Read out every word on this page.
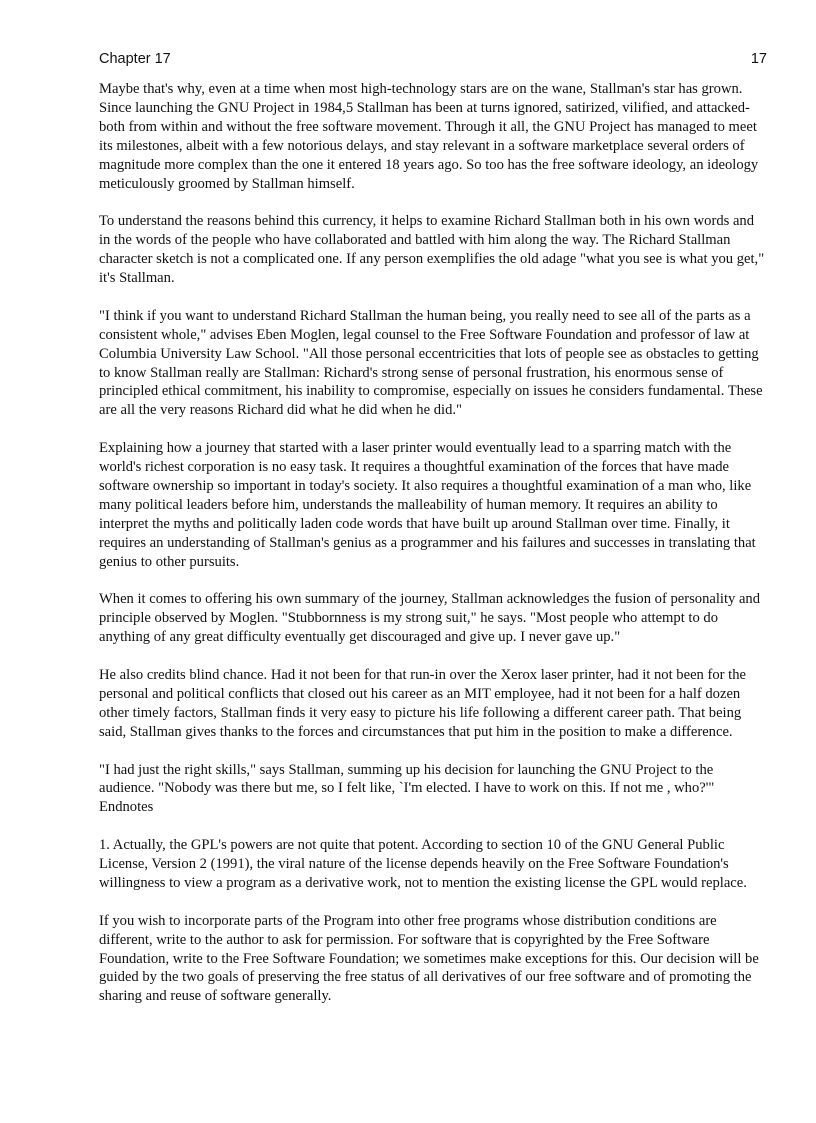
Chapter 17	17

Maybe that's why, even at a time when most high-technology stars are on the wane, Stallman's star has grown. Since launching the GNU Project in 1984,5 Stallman has been at turns ignored, satirized, vilified, and attacked-both from within and without the free software movement. Through it all, the GNU Project has managed to meet its milestones, albeit with a few notorious delays, and stay relevant in a software marketplace several orders of magnitude more complex than the one it entered 18 years ago. So too has the free software ideology, an ideology meticulously groomed by Stallman himself.

To understand the reasons behind this currency, it helps to examine Richard Stallman both in his own words and in the words of the people who have collaborated and battled with him along the way. The Richard Stallman character sketch is not a complicated one. If any person exemplifies the old adage "what you see is what you get," it's Stallman.

"I think if you want to understand Richard Stallman the human being, you really need to see all of the parts as a consistent whole," advises Eben Moglen, legal counsel to the Free Software Foundation and professor of law at Columbia University Law School. "All those personal eccentricities that lots of people see as obstacles to getting to know Stallman really are Stallman: Richard's strong sense of personal frustration, his enormous sense of principled ethical commitment, his inability to compromise, especially on issues he considers fundamental. These are all the very reasons Richard did what he did when he did."

Explaining how a journey that started with a laser printer would eventually lead to a sparring match with the world's richest corporation is no easy task. It requires a thoughtful examination of the forces that have made software ownership so important in today's society. It also requires a thoughtful examination of a man who, like many political leaders before him, understands the malleability of human memory. It requires an ability to interpret the myths and politically laden code words that have built up around Stallman over time. Finally, it requires an understanding of Stallman's genius as a programmer and his failures and successes in translating that genius to other pursuits.

When it comes to offering his own summary of the journey, Stallman acknowledges the fusion of personality and principle observed by Moglen. "Stubbornness is my strong suit," he says. "Most people who attempt to do anything of any great difficulty eventually get discouraged and give up. I never gave up."

He also credits blind chance. Had it not been for that run-in over the Xerox laser printer, had it not been for the personal and political conflicts that closed out his career as an MIT employee, had it not been for a half dozen other timely factors, Stallman finds it very easy to picture his life following a different career path. That being said, Stallman gives thanks to the forces and circumstances that put him in the position to make a difference.

"I had just the right skills," says Stallman, summing up his decision for launching the GNU Project to the audience. "Nobody was there but me, so I felt like, `I'm elected. I have to work on this. If not me , who?'" Endnotes

1. Actually, the GPL's powers are not quite that potent. According to section 10 of the GNU General Public License, Version 2 (1991), the viral nature of the license depends heavily on the Free Software Foundation's willingness to view a program as a derivative work, not to mention the existing license the GPL would replace.

If you wish to incorporate parts of the Program into other free programs whose distribution conditions are different, write to the author to ask for permission. For software that is copyrighted by the Free Software Foundation, write to the Free Software Foundation; we sometimes make exceptions for this. Our decision will be guided by the two goals of preserving the free status of all derivatives of our free software and of promoting the sharing and reuse of software generally.
